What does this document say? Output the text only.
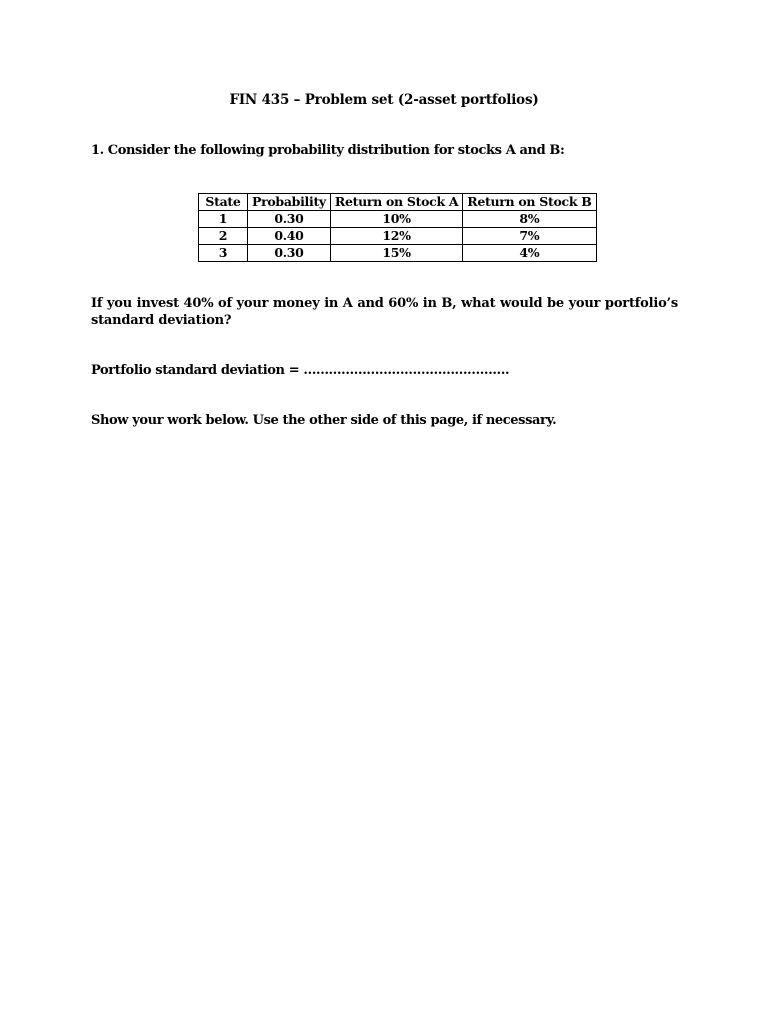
FIN 435 – Problem set (2-asset portfolios)
1. Consider the following probability distribution for stocks A and B:
State	Probability	Return on Stock A	Return on Stock B
1	0.30	10%	8%
2	0.40	12%	7%
3	0.30	15%	4%
If you invest 40% of your money in A and 60% in B, what would be your portfolio’s standard deviation?
Portfolio standard deviation = ………………………………………….
Show your work below. Use the other side of this page, if necessary.
